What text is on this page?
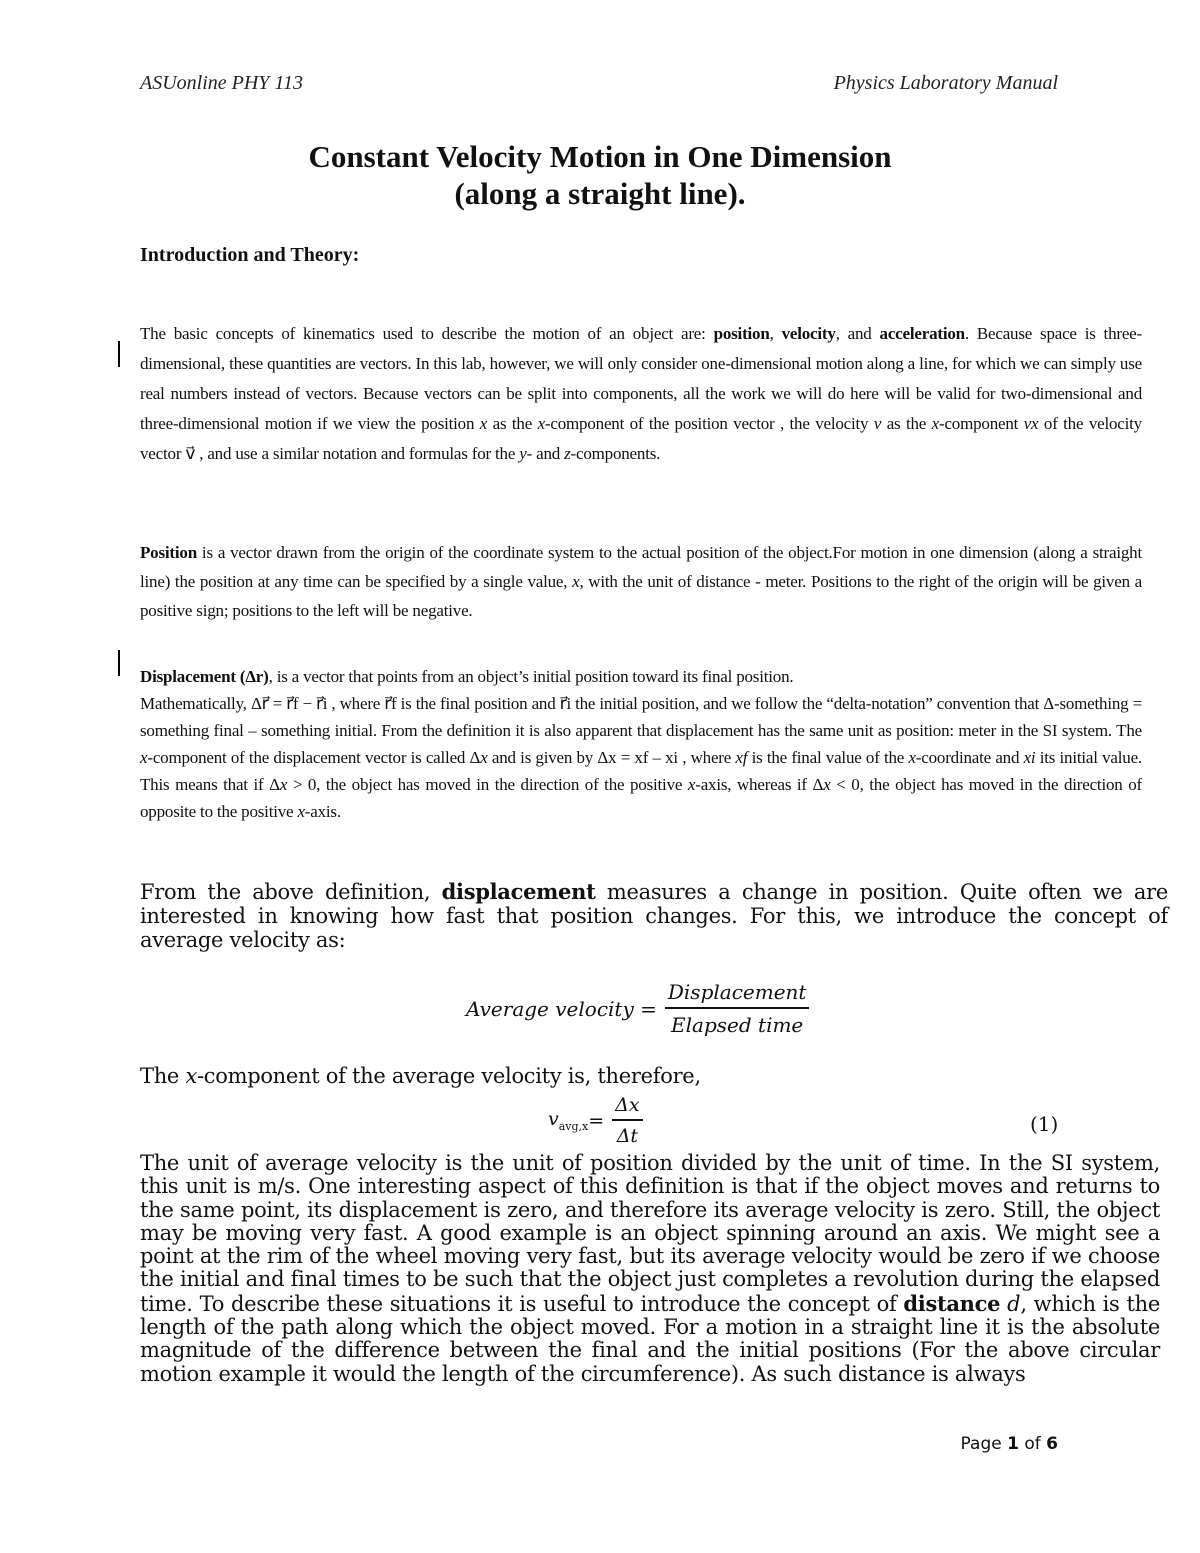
ASUonline PHY 113	Physics Laboratory Manual
Constant Velocity Motion in One Dimension
(along a straight line).
Introduction and Theory:
The basic concepts of kinematics used to describe the motion of an object are: position, velocity, and acceleration. Because space is three-dimensional, these quantities are vectors. In this lab, however, we will only consider one-dimensional motion along a line, for which we can simply use real numbers instead of vectors. Because vectors can be split into components, all the work we will do here will be valid for two-dimensional and three-dimensional motion if we view the position x as the x-component of the position vector , the velocity v as the x-component vx of the velocity vector v⃗ , and use a similar notation and formulas for the y- and z-components.
Position is a vector drawn from the origin of the coordinate system to the actual position of the object.For motion in one dimension (along a straight line) the position at any time can be specified by a single value, x, with the unit of distance - meter. Positions to the right of the origin will be given a positive sign; positions to the left will be negative.
Displacement (Δr), is a vector that points from an object’s initial position toward its final position.
Mathematically, Δr⃗ = r⃗f − r⃗i , where r⃗f is the final position and r⃗i the initial position, and we follow the “delta-notation” convention that Δ-something = something final – something initial. From the definition it is also apparent that displacement has the same unit as position: meter in the SI system. The x-component of the displacement vector is called Δx and is given by Δx = xf – xi , where xf is the final value of the x-coordinate and xi its initial value. This means that if Δx > 0, the object has moved in the direction of the positive x-axis, whereas if Δx < 0, the object has moved in the direction of opposite to the positive x-axis.
From the above definition, displacement measures a change in position. Quite often we are interested in knowing how fast that position changes. For this, we introduce the concept of average velocity as:
Average velocity = $\frac{\text{Displacement}}{\text{Elapsed time}}$
The x-component of the average velocity is, therefore,
$v_{avg,x} = \frac{\Delta x}{\Delta t}$	(1)
The unit of average velocity is the unit of position divided by the unit of time. In the SI system, this unit is m/s. One interesting aspect of this definition is that if the object moves and returns to the same point, its displacement is zero, and therefore its average velocity is zero. Still, the object may be moving very fast. A good example is an object spinning around an axis. We might see a point at the rim of the wheel moving very fast, but its average velocity would be zero if we choose the initial and final times to be such that the object just completes a revolution during the elapsed time. To describe these situations it is useful to introduce the concept of distance d, which is the length of the path along which the object moved. For a motion in a straight line it is the absolute magnitude of the difference between the final and the initial positions (For the above circular motion example it would the length of the circumference). As such distance is always
Page 1 of 6
